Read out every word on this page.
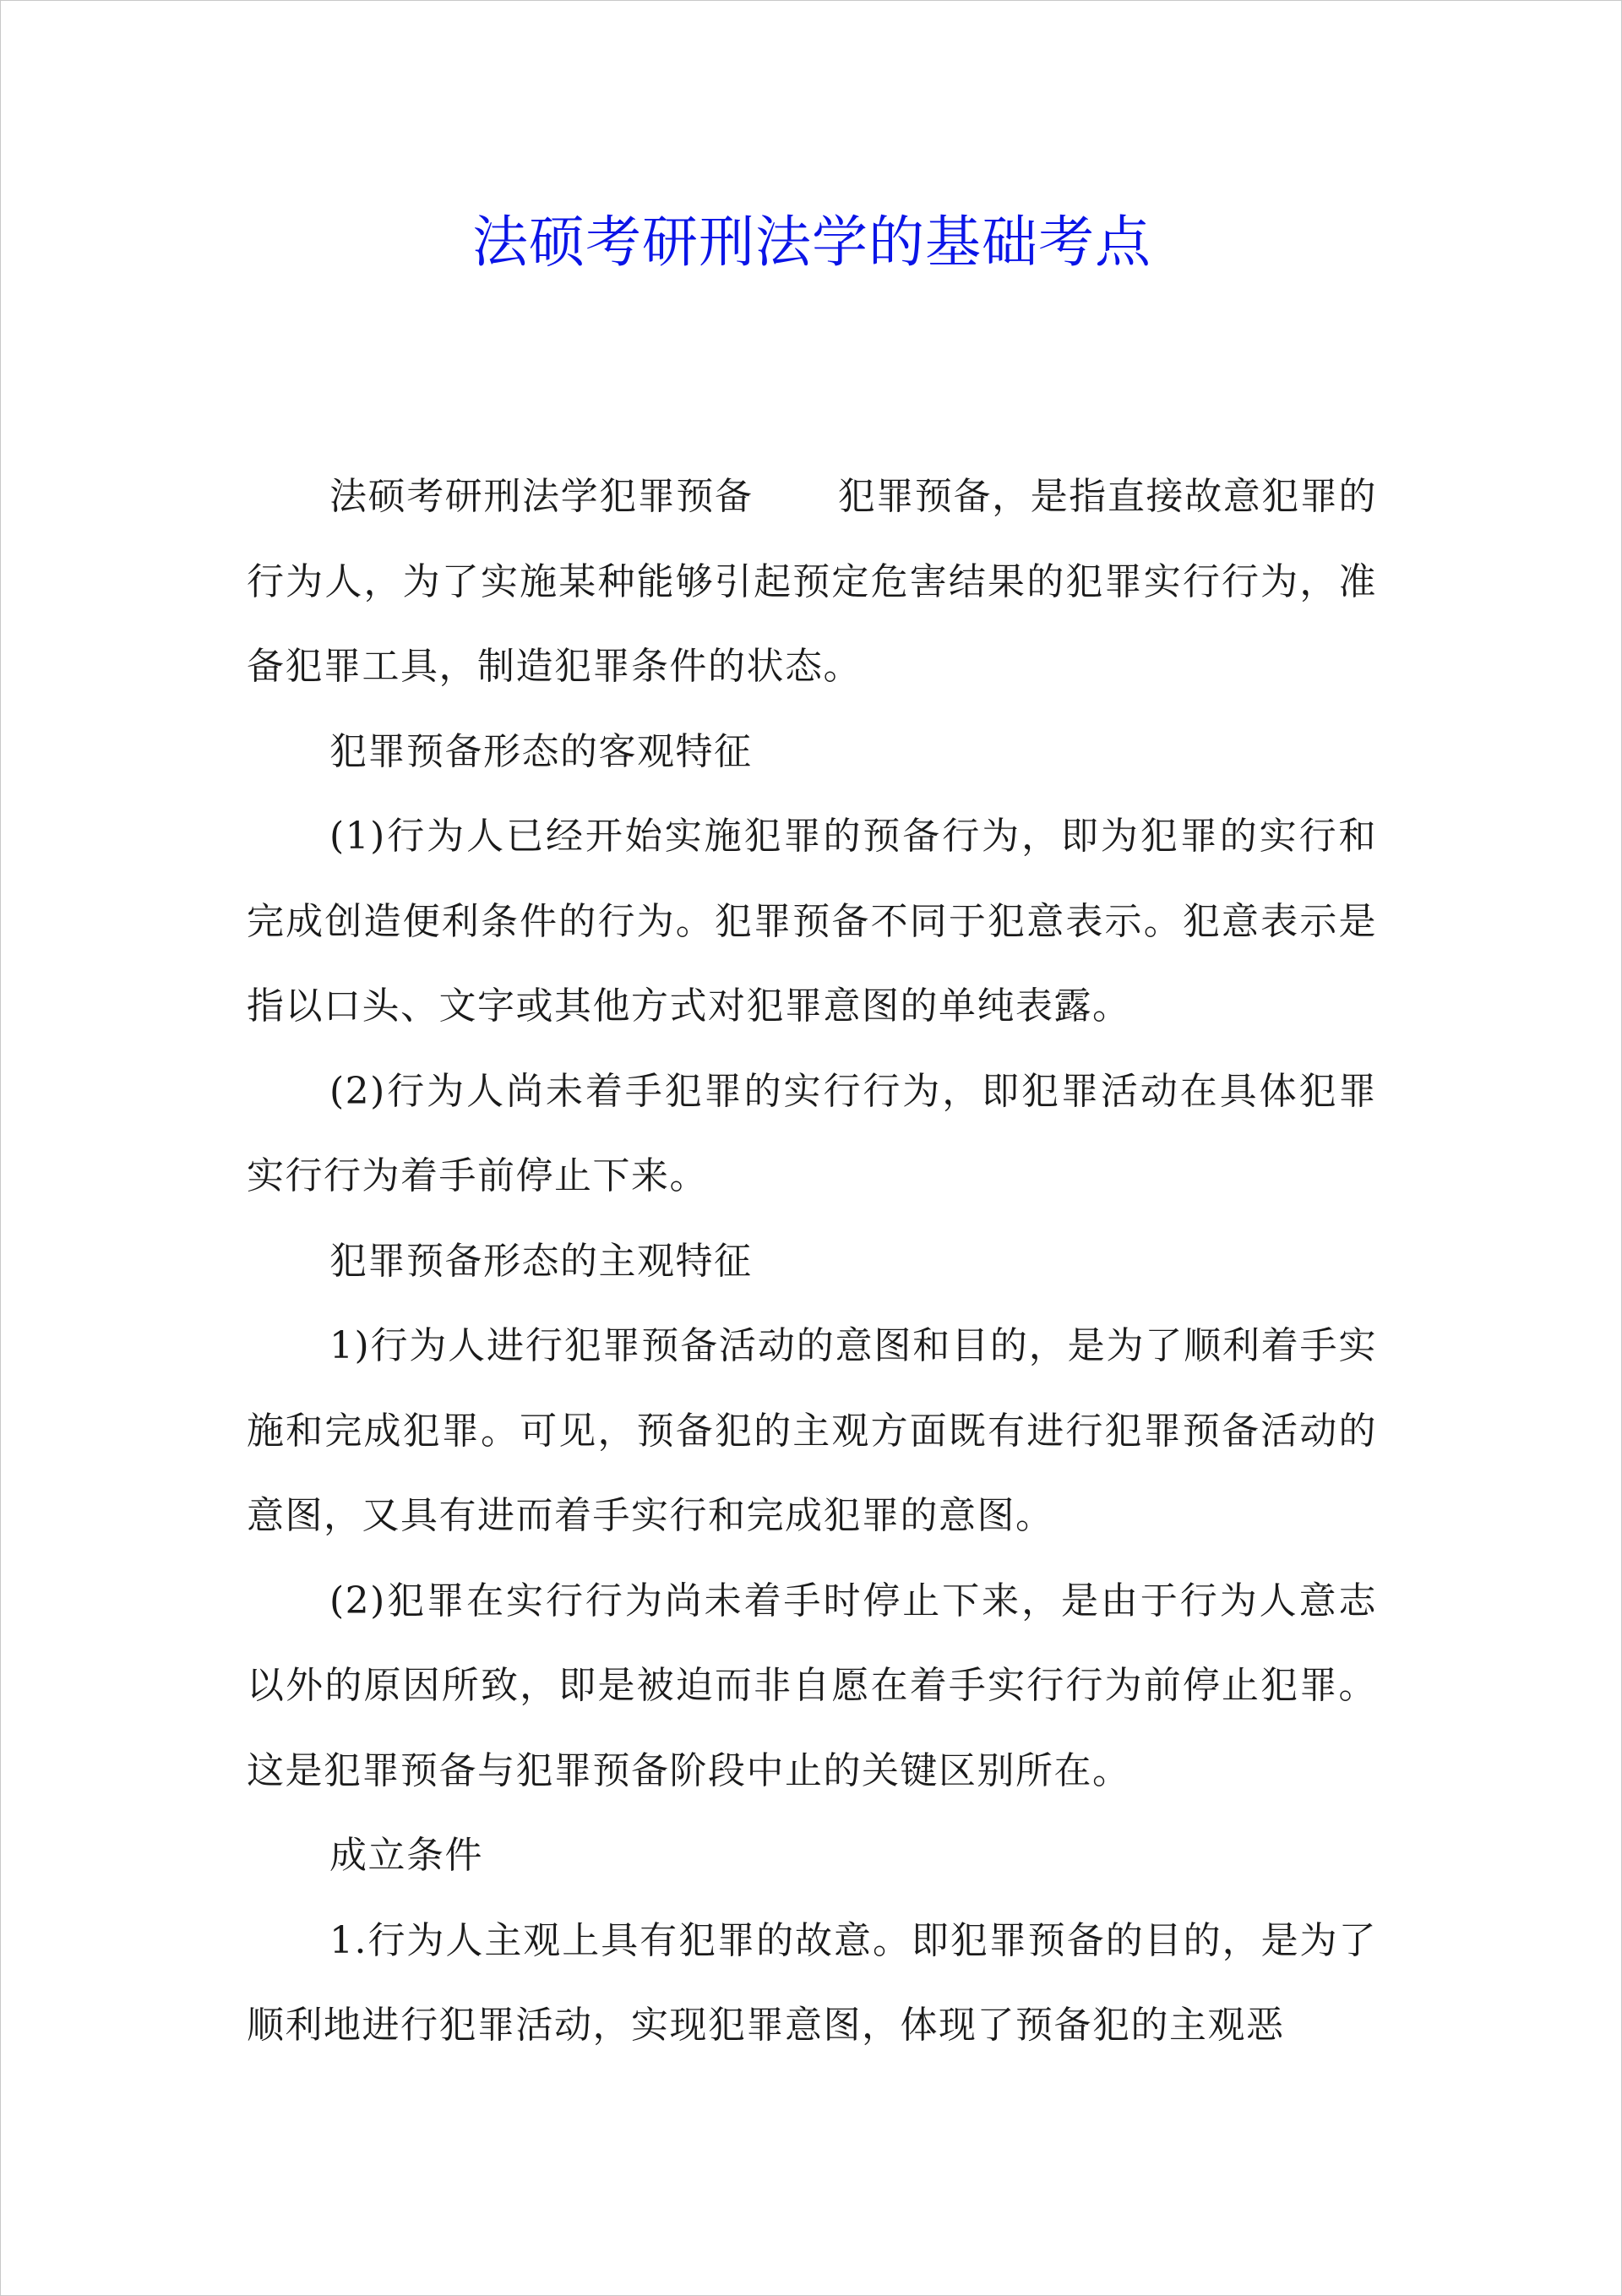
法硕考研刑法学的基础考点

法硕考研刑法学犯罪预备 犯罪预备，是指直接故意犯罪的行为人，为了实施某种能够引起预定危害结果的犯罪实行行为，准备犯罪工具，制造犯罪条件的状态。

犯罪预备形态的客观特征

(1)行为人已经开始实施犯罪的预备行为，即为犯罪的实行和完成创造便利条件的行为。犯罪预备不同于犯意表示。犯意表示是指以口头、文字或其他方式对犯罪意图的单纯表露。

(2)行为人尚未着手犯罪的实行行为，即犯罪活动在具体犯罪实行行为着手前停止下来。

犯罪预备形态的主观特征

1)行为人进行犯罪预备活动的意图和目的，是为了顺利着手实施和完成犯罪。可见，预备犯的主观方面既有进行犯罪预备活动的意图，又具有进而着手实行和完成犯罪的意图。

(2)犯罪在实行行为尚未着手时停止下来，是由于行为人意志以外的原因所致，即是被迫而非自愿在着手实行行为前停止犯罪。这是犯罪预备与犯罪预备阶段中止的关键区别所在。

成立条件

1.行为人主观上具有犯罪的故意。即犯罪预备的目的，是为了顺利地进行犯罪活动，实现犯罪意图，体现了预备犯的主观恶
